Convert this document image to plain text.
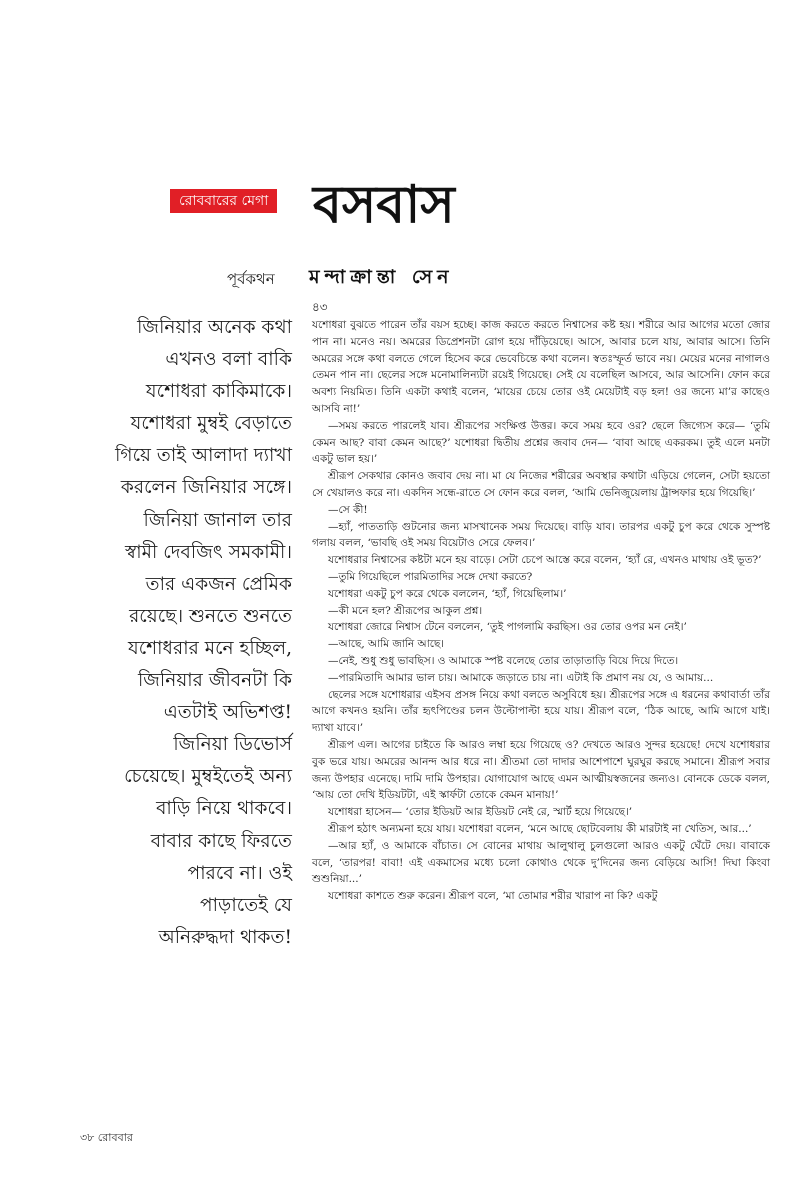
রোববারের মেগা বসবাস
পূর্বকথন মন্দাক্রান্তা সেন

জিনিয়ার অনেক কথা
এখনও বলা বাকি
যশোধরা কাকিমাকে।
যশোধরা মুম্বই বেড়াতে
গিয়ে তাই আলাদা দ্যাখা
করলেন জিনিয়ার সঙ্গে।
জিনিয়া জানাল তার
স্বামী দেবজিৎ সমকামী।
তার একজন প্রেমিক
রয়েছে। শুনতে শুনতে
যশোধরার মনে হচ্ছিল,
জিনিয়ার জীবনটা কি
এতটাই অভিশপ্ত!
জিনিয়া ডিভোর্স
চেয়েছে। মুম্বইতেই অন্য
বাড়ি নিয়ে থাকবে।
বাবার কাছে ফিরতে
পারবে না। ওই
পাড়াতেই যে
অনিরুদ্ধদা থাকত!

৪৩

যশোধরা বুঝতে পারেন তাঁর বয়স হচ্ছে। কাজ করতে করতে নিশ্বাসের কষ্ট হয়। শরীরে আর আগের মতো জোর পান না। মনেও নয়। অমরের ডিপ্রেশনটা রোগ হয়ে দাঁড়িয়েছে। আসে, আবার চলে যায়, আবার আসে। তিনি অমরের সঙ্গে কথা বলতে গেলে হিসেব করে ভেবেচিন্তে কথা বলেন। স্বতঃস্ফূর্ত ভাবে নয়। মেয়ের মনের নাগালও তেমন পান না। ছেলের সঙ্গে মনোমালিন্যটা রয়েই গিয়েছে। সেই যে বলেছিল আসবে, আর আসেনি। ফোন করে অবশ্য নিয়মিত। তিনি একটা কথাই বলেন, ‘মায়ের চেয়ে তোর ওই মেয়েটাই বড় হল! ওর জন্যে মা’র কাছেও আসবি না!’

—সময় করতে পারলেই যাব। শ্রীরূপের সংক্ষিপ্ত উত্তর। কবে সময় হবে ওর? ছেলে জিগ্যেস করে— ‘তুমি কেমন আছ? বাবা কেমন আছে?’ যশোধরা দ্বিতীয় প্রশ্নের জবাব দেন— ‘বাবা আছে একরকম। তুই এলে মনটা একটু ভাল হয়।’

শ্রীরূপ সেকথার কোনও জবাব দেয় না। মা যে নিজের শরীরের অবস্থার কথাটা এড়িয়ে গেলেন, সেটা হয়তো সে খেয়ালও করে না। একদিন সন্ধে-রাতে সে ফোন করে বলল, ‘আমি ভেনিজুয়েলায় ট্রান্সফার হয়ে গিয়েছি।’

—সে কী!

—হ্যাঁ, পাততাড়ি গুটনোর জন্য মাসখানেক সময় দিয়েছে। বাড়ি যাব। তারপর একটু চুপ করে থেকে সুস্পষ্ট গলায় বলল, ‘ভাবছি ওই সময় বিয়েটাও সেরে ফেলব।’

যশোধরার নিশ্বাসের কষ্টটা মনে হয় বাড়ে। সেটা চেপে আস্তে করে বলেন, ‘হ্যাঁ রে, এখনও মাথায় ওই ভূত?’

—তুমি গিয়েছিলে পারমিতাদির সঙ্গে দেখা করতে?

যশোধরা একটু চুপ করে থেকে বললেন, ‘হ্যাঁ, গিয়েছিলাম।’

—কী মনে হল? শ্রীরূপের আকুল প্রশ্ন।

যশোধরা জোরে নিশ্বাস টেনে বললেন, ‘তুই পাগলামি করছিস। ওর তোর ওপর মন নেই।’

—আছে, আমি জানি আছে।

—নেই, শুধু শুধু ভাবছিস। ও আমাকে স্পষ্ট বলেছে তোর তাড়াতাড়ি বিয়ে দিয়ে দিতে।

—পারমিতাদি আমার ভাল চায়। আমাকে জড়াতে চায় না। এটাই কি প্রমাণ নয় যে, ও আমায়...

ছেলের সঙ্গে যশোধরার এইসব প্রসঙ্গ নিয়ে কথা বলতে অসুবিধে হয়। শ্রীরূপের সঙ্গে এ ধরনের কথাবার্তা তাঁর আগে কখনও হয়নি। তাঁর হৃৎপিণ্ডের চলন উল্টোপাল্টা হয়ে যায়। শ্রীরূপ বলে, ‘ঠিক আছে, আমি আগে যাই। দ্যাখা যাবে।’

শ্রীরূপ এল। আগের চাইতে কি আরও লম্বা হয়ে গিয়েছে ও? দেখতে আরও সুন্দর হয়েছে! দেখে যশোধরার বুক ভরে যায়। অমরের আনন্দ আর ধরে না। শ্রীতমা তো দাদার আশেপাশে ঘুরঘুর করছে সমানে। শ্রীরূপ সবার জন্য উপহার এনেছে। দামি দামি উপহার। যোগাযোগ আছে এমন আত্মীয়স্বজনের জন্যও। বোনকে ডেকে বলল, ‘আয় তো দেখি ইডিয়টটা, এই স্কার্ফটা তোকে কেমন মানায়!’

যশোধরা হাসেন— ‘তোর ইডিয়ট আর ইডিয়ট নেই রে, স্মার্ট হয়ে গিয়েছে।’

শ্রীরূপ হঠাৎ অন্যমনা হয়ে যায়। যশোধরা বলেন, ‘মনে আছে ছোটবেলায় কী মারটাই না খেতিস, আর...’

—আর হ্যাঁ, ও আমাকে বাঁচাত। সে বোনের মাথায় আলুথালু চুলগুলো আরও একটু ঘেঁটে দেয়। বাবাকে বলে, ‘তারপর! বাবা! এই একমাসের মধ্যে চলো কোথাও থেকে দু’দিনের জন্য বেড়িয়ে আসি! দিঘা কিংবা শুশুনিয়া...’

যশোধরা কাশতে শুরু করেন। শ্রীরূপ বলে, ‘মা তোমার শরীর খারাপ না কি? একটু

৩৮ রোববার
